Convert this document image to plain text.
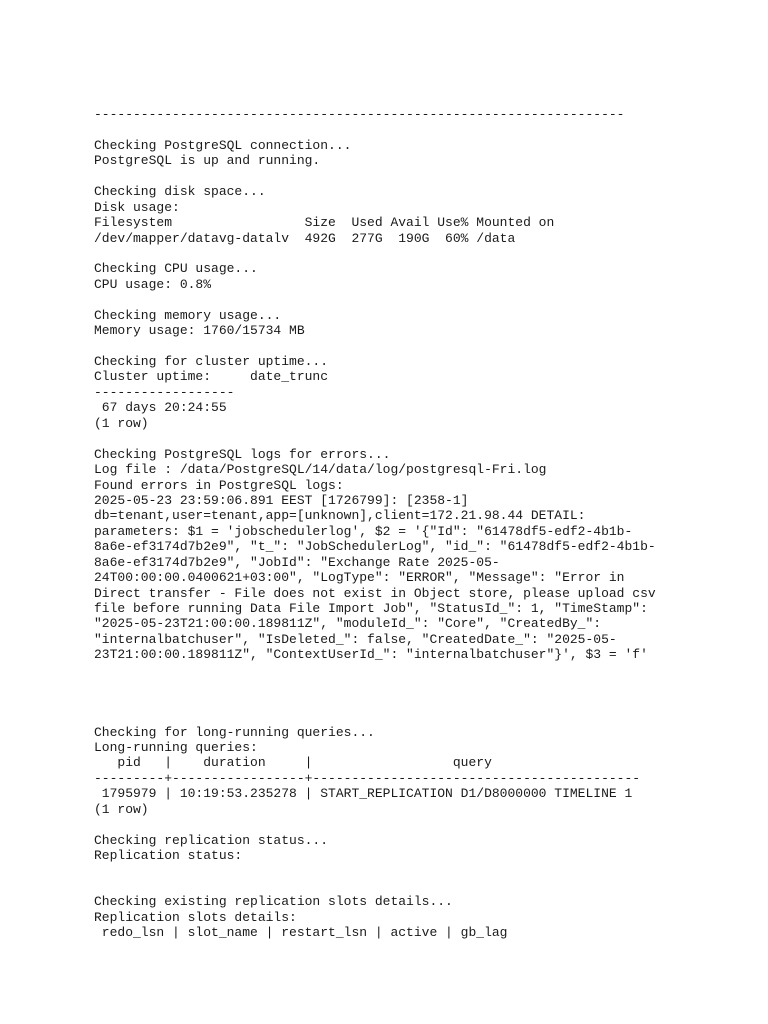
--------------------------------------------------------------------

Checking PostgreSQL connection...
PostgreSQL is up and running.

Checking disk space...
Disk usage:
Filesystem                 Size  Used Avail Use% Mounted on
/dev/mapper/datavg-datalv  492G  277G  190G  60% /data

Checking CPU usage...
CPU usage: 0.8%

Checking memory usage...
Memory usage: 1760/15734 MB

Checking for cluster uptime...
Cluster uptime:     date_trunc
------------------
67 days 20:24:55
(1 row)

Checking PostgreSQL logs for errors...
Log file : /data/PostgreSQL/14/data/log/postgresql-Fri.log
Found errors in PostgreSQL logs:
2025-05-23 23:59:06.891 EEST [1726799]: [2358-1]
db=tenant,user=tenant,app=[unknown],client=172.21.98.44 DETAIL:
parameters: $1 = 'jobschedulerlog', $2 = '{"Id": "61478df5-edf2-4b1b-
8a6e-ef3174d7b2e9", "t_": "JobSchedulerLog", "id_": "61478df5-edf2-4b1b-
8a6e-ef3174d7b2e9", "JobId": "Exchange Rate 2025-05-
24T00:00:00.0400621+03:00", "LogType": "ERROR", "Message": "Error in
Direct transfer - File does not exist in Object store, please upload csv
file before running Data File Import Job", "StatusId_": 1, "TimeStamp":
"2025-05-23T21:00:00.189811Z", "moduleId_": "Core", "CreatedBy_":
"internalbatchuser", "IsDeleted_": false, "CreatedDate_": "2025-05-
23T21:00:00.189811Z", "ContextUserId_": "internalbatchuser"}', $3 = 'f'

Checking for long-running queries...
Long-running queries:
pid   |    duration     |                  query
---------+-----------------+------------------------------------------
1795979 | 10:19:53.235278 | START_REPLICATION D1/D8000000 TIMELINE 1
(1 row)

Checking replication status...
Replication status:

Checking existing replication slots details...
Replication slots details:
redo_lsn | slot_name | restart_lsn | active | gb_lag
